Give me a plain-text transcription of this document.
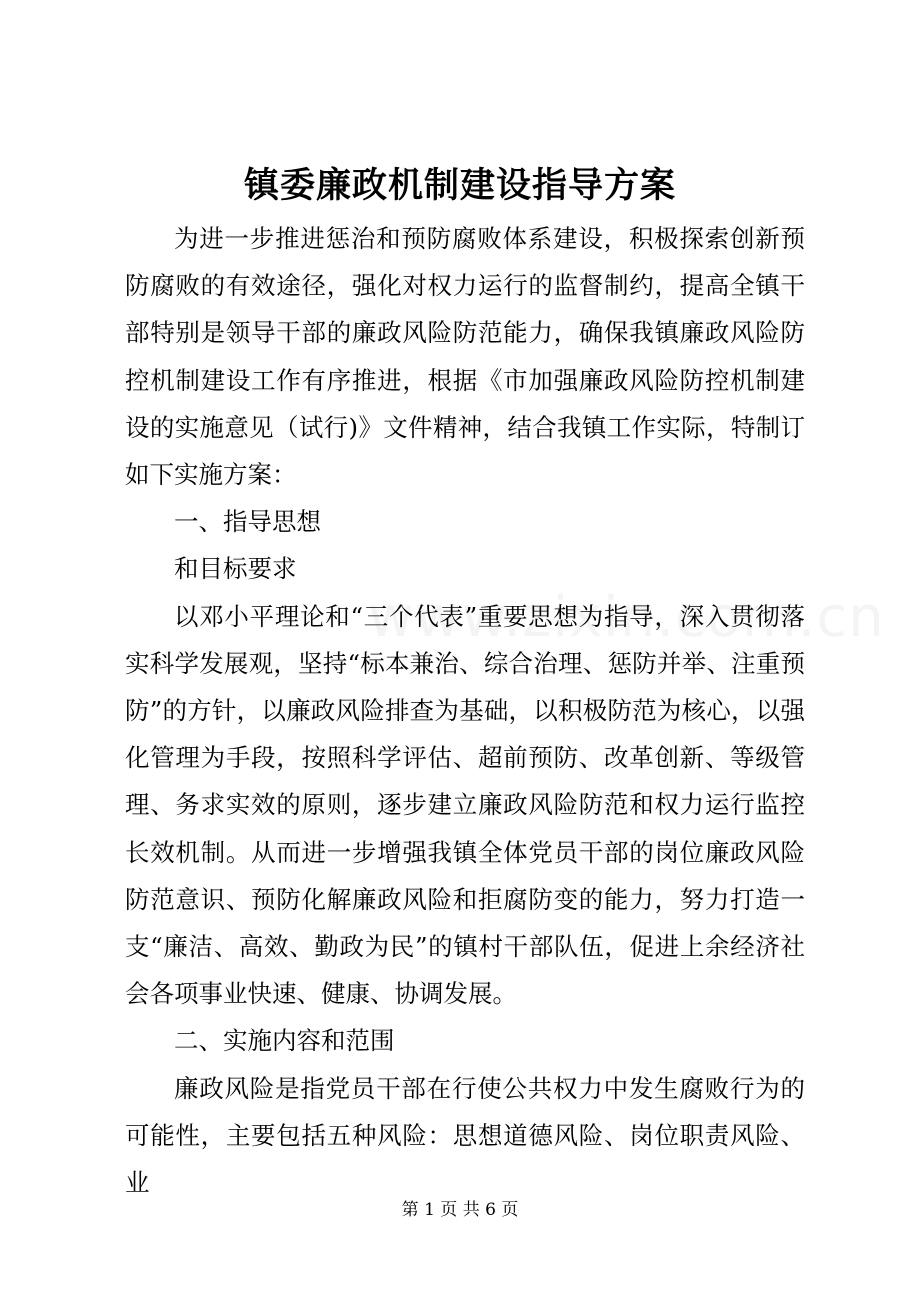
镇委廉政机制建设指导方案

为进一步推进惩治和预防腐败体系建设，积极探索创新预防腐败的有效途径，强化对权力运行的监督制约，提高全镇干部特别是领导干部的廉政风险防范能力，确保我镇廉政风险防控机制建设工作有序推进，根据《市加强廉政风险防控机制建设的实施意见（试行)》文件精神，结合我镇工作实际，特制订如下实施方案：

一、指导思想

和目标要求

以邓小平理论和“三个代表”重要思想为指导，深入贯彻落实科学发展观，坚持“标本兼治、综合治理、惩防并举、注重预防”的方针，以廉政风险排查为基础，以积极防范为核心，以强化管理为手段，按照科学评估、超前预防、改革创新、等级管理、务求实效的原则，逐步建立廉政风险防范和权力运行监控长效机制。从而进一步增强我镇全体党员干部的岗位廉政风险防范意识、预防化解廉政风险和拒腐防变的能力，努力打造一支“廉洁、高效、勤政为民”的镇村干部队伍，促进上余经济社会各项事业快速、健康、协调发展。

二、实施内容和范围

廉政风险是指党员干部在行使公共权力中发生腐败行为的可能性，主要包括五种风险：思想道德风险、岗位职责风险、业

第 1 页 共 6 页
